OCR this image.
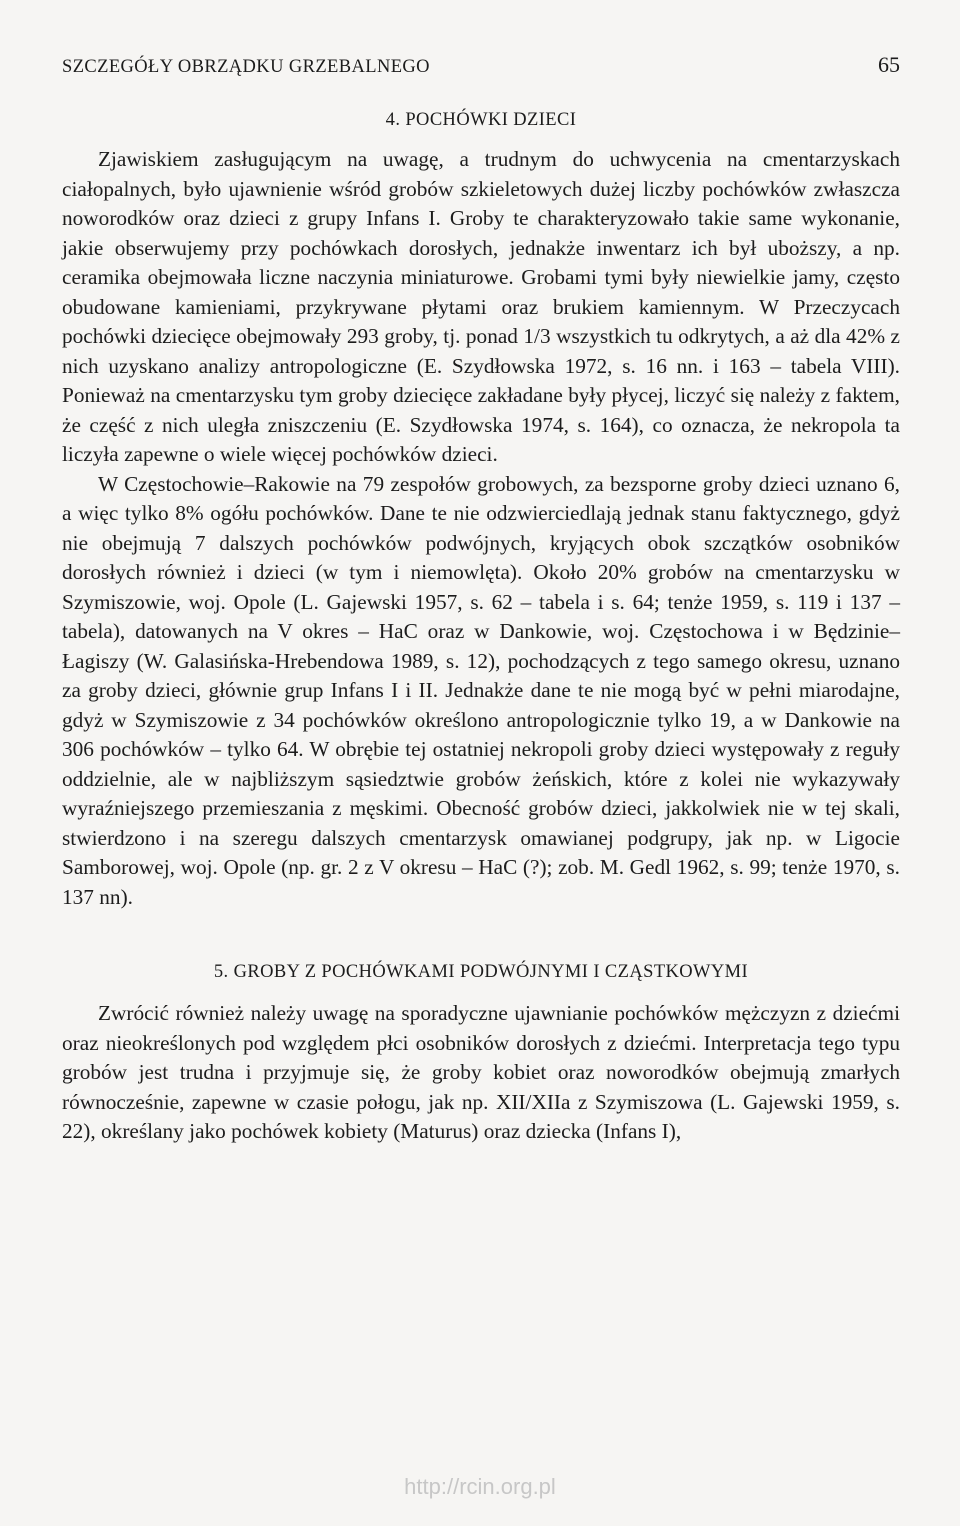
SZCZEGÓŁY OBRZĄDKU GRZEBALNEGO	65
4. POCHÓWKI DZIECI

Zjawiskiem zasługującym na uwagę, a trudnym do uchwycenia na cmentarzyskach ciałopalnych, było ujawnienie wśród grobów szkieletowych dużej liczby pochówków zwłaszcza noworodków oraz dzieci z grupy Infans I. Groby te charakteryzowało takie same wykonanie, jakie obserwujemy przy pochówkach dorosłych, jednakże inwentarz ich był uboższy, a np. ceramika obejmowała liczne naczynia miniaturowe. Grobami tymi były niewielkie jamy, często obudowane kamieniami, przykrywane płytami oraz brukiem kamiennym. W Przeczycach pochówki dziecięce obejmowały 293 groby, tj. ponad 1/3 wszystkich tu odkrytych, a aż dla 42% z nich uzyskano analizy antropologiczne (E. Szydłowska 1972, s. 16 nn. i 163 – tabela VIII). Ponieważ na cmentarzysku tym groby dziecięce zakładane były płycej, liczyć się należy z faktem, że część z nich uległa zniszczeniu (E. Szydłowska 1974, s. 164), co oznacza, że nekropola ta liczyła zapewne o wiele więcej pochówków dzieci.

W Częstochowie–Rakowie na 79 zespołów grobowych, za bezsporne groby dzieci uznano 6, a więc tylko 8% ogółu pochówków. Dane te nie odzwierciedlają jednak stanu faktycznego, gdyż nie obejmują 7 dalszych pochówków podwójnych, kryjących obok szczątków osobników dorosłych również i dzieci (w tym i niemowlęta). Około 20% grobów na cmentarzysku w Szymiszowie, woj. Opole (L. Gajewski 1957, s. 62 – tabela i s. 64; tenże 1959, s. 119 i 137 – tabela), datowanych na V okres – HaC oraz w Dankowie, woj. Częstochowa i w Będzinie–Łagiszy (W. Galasińska-Hrebendowa 1989, s. 12), pochodzących z tego samego okresu, uznano za groby dzieci, głównie grup Infans I i II. Jednakże dane te nie mogą być w pełni miarodajne, gdyż w Szymiszowie z 34 pochówków określono antropologicznie tylko 19, a w Dankowie na 306 pochówków – tylko 64. W obrębie tej ostatniej nekropoli groby dzieci występowały z reguły oddzielnie, ale w najbliższym sąsiedztwie grobów żeńskich, które z kolei nie wykazywały wyraźniejszego przemieszania z męskimi. Obecność grobów dzieci, jakkolwiek nie w tej skali, stwierdzono i na szeregu dalszych cmentarzysk omawianej podgrupy, jak np. w Ligocie Samborowej, woj. Opole (np. gr. 2 z V okresu – HaC (?); zob. M. Gedl 1962, s. 99; tenże 1970, s. 137 nn).

5. GROBY Z POCHÓWKAMI PODWÓJNYMI I CZĄSTKOWYMI

Zwrócić również należy uwagę na sporadyczne ujawnianie pochówków mężczyzn z dziećmi oraz nieokreślonych pod względem płci osobników dorosłych z dziećmi. Interpretacja tego typu grobów jest trudna i przyjmuje się, że groby kobiet oraz noworodków obejmują zmarłych równocześnie, zapewne w czasie połogu, jak np. XII/XIIa z Szymiszowa (L. Gajewski 1959, s. 22), określany jako pochówek kobiety (Maturus) oraz dziecka (Infans I),

http://rcin.org.pl
